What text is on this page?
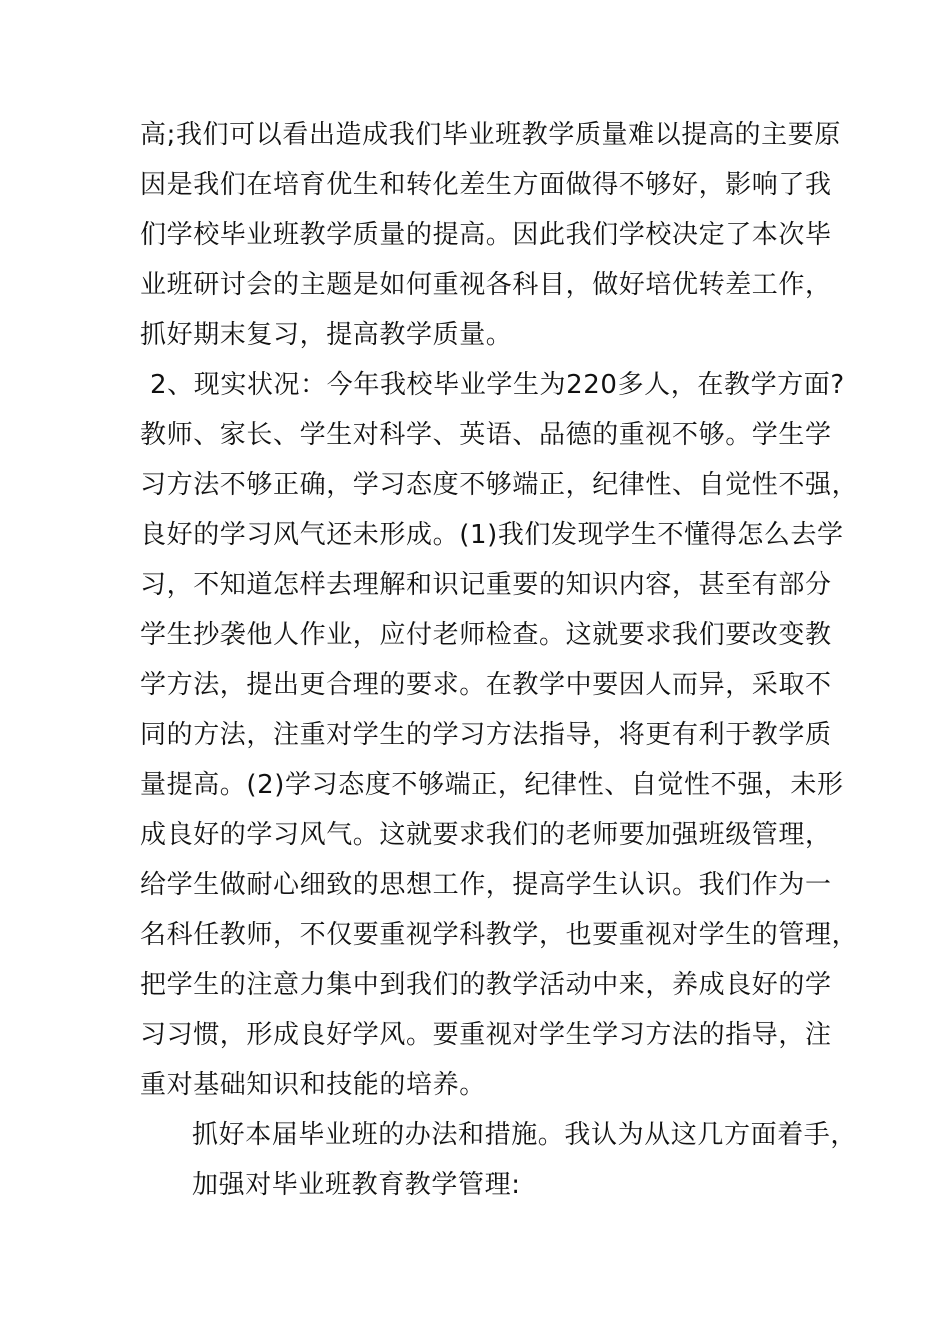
高;我们可以看出造成我们毕业班教学质量难以提高的主要原
因是我们在培育优生和转化差生方面做得不够好，影响了我
们学校毕业班教学质量的提高。因此我们学校决定了本次毕
业班研讨会的主题是如何重视各科目，做好培优转差工作，
抓好期末复习，提高教学质量。
2、现实状况：今年我校毕业学生为220多人，在教学方面?
教师、家长、学生对科学、英语、品德的重视不够。学生学
习方法不够正确，学习态度不够端正，纪律性、自觉性不强，
良好的学习风气还未形成。(1)我们发现学生不懂得怎么去学
习，不知道怎样去理解和识记重要的知识内容，甚至有部分
学生抄袭他人作业，应付老师检查。这就要求我们要改变教
学方法，提出更合理的要求。在教学中要因人而异，采取不
同的方法，注重对学生的学习方法指导，将更有利于教学质
量提高。(2)学习态度不够端正，纪律性、自觉性不强，未形
成良好的学习风气。这就要求我们的老师要加强班级管理，
给学生做耐心细致的思想工作，提高学生认识。我们作为一
名科任教师，不仅要重视学科教学，也要重视对学生的管理，
把学生的注意力集中到我们的教学活动中来，养成良好的学
习习惯，形成良好学风。要重视对学生学习方法的指导，注
重对基础知识和技能的培养。
抓好本届毕业班的办法和措施。我认为从这几方面着手，
加强对毕业班教育教学管理:
